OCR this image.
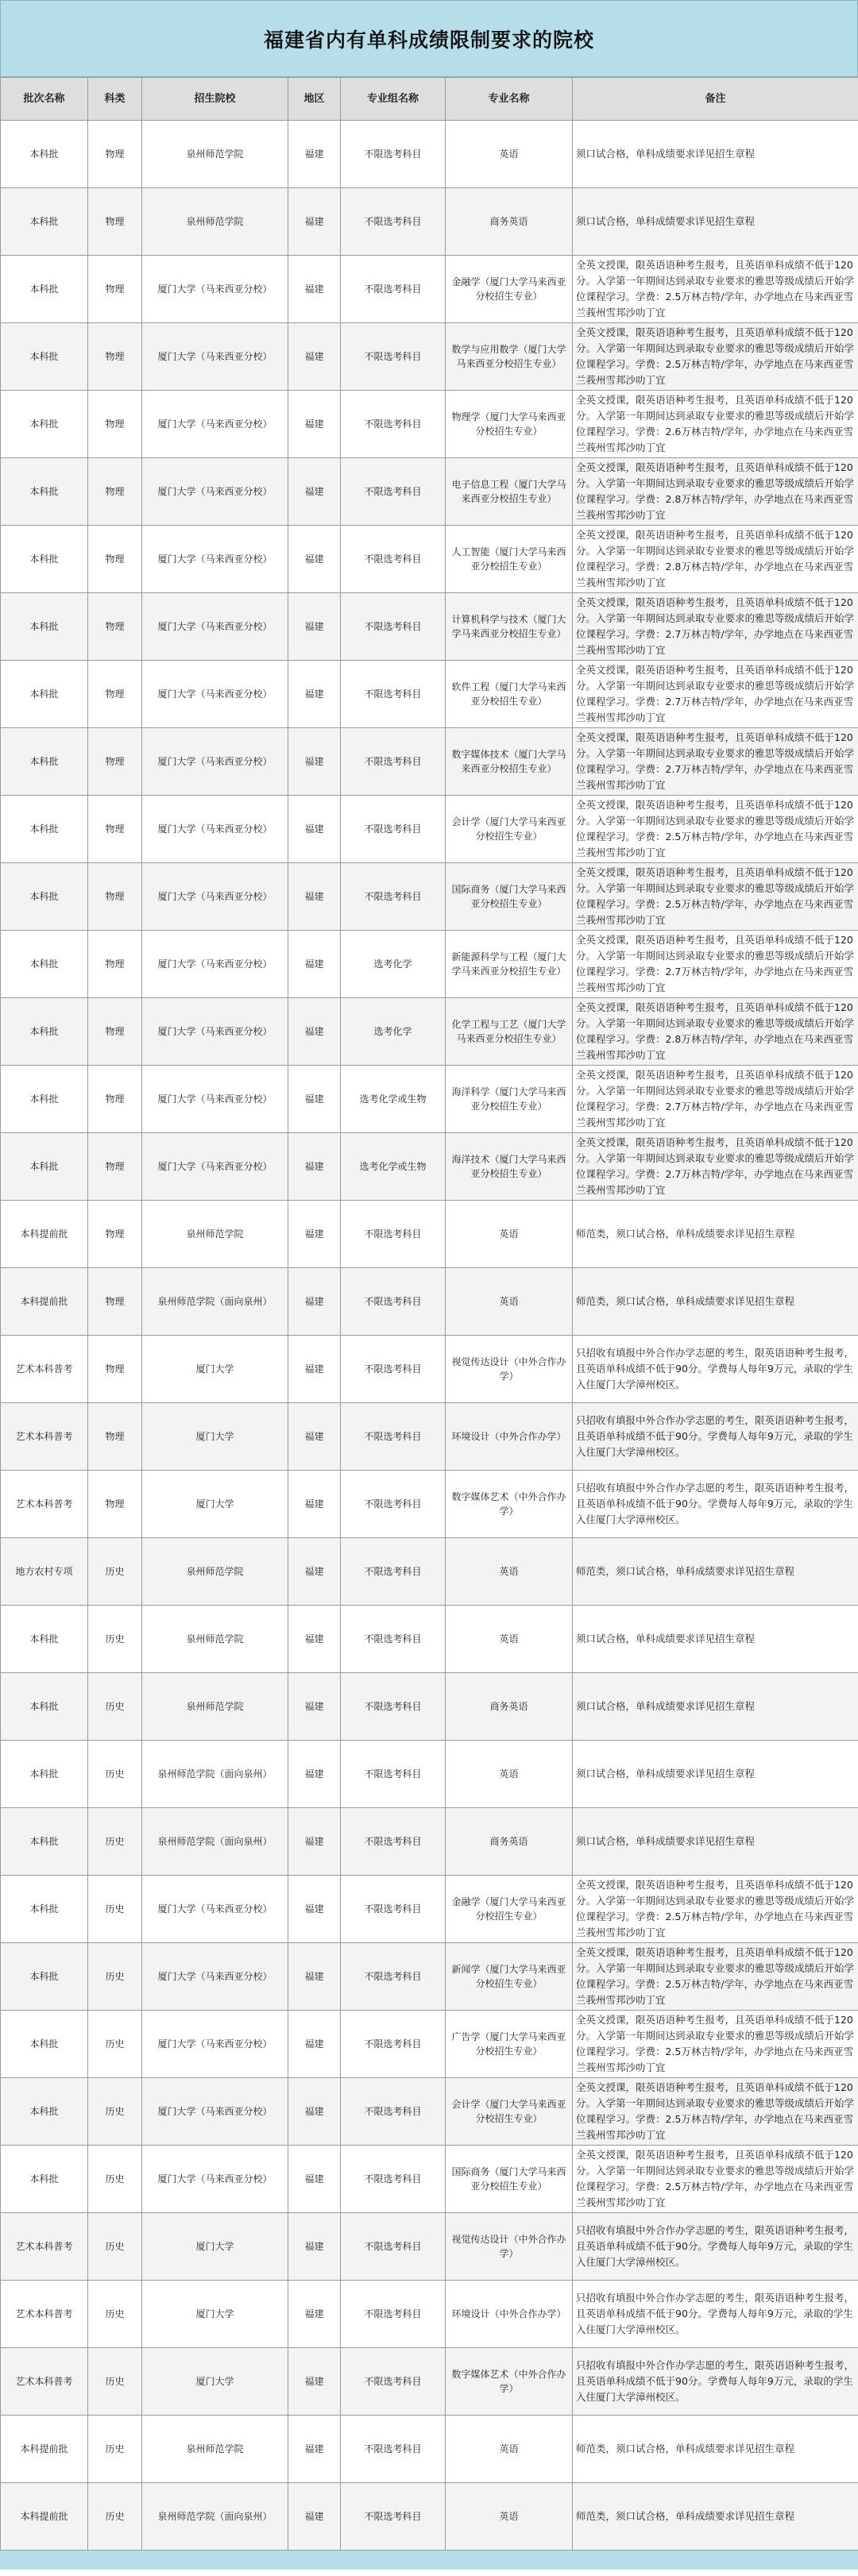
福建省内有单科成绩限制要求的院校
批次名称	科类	招生院校	地区	专业组名称	专业名称	备注
本科批	物理	泉州师范学院	福建	不限选考科目	英语	须口试合格，单科成绩要求详见招生章程
本科批	物理	泉州师范学院	福建	不限选考科目	商务英语	须口试合格，单科成绩要求详见招生章程
本科批	物理	厦门大学（马来西亚分校）	福建	不限选考科目	金融学（厦门大学马来西亚分校招生专业）	全英文授课，限英语语种考生报考，且英语单科成绩不低于120分。入学第一年期间达到录取专业要求的雅思等级成绩后开始学位课程学习。学费：2.5万林吉特/学年，办学地点在马来西亚雪兰莪州雪邦沙叻丁宜
本科批	物理	厦门大学（马来西亚分校）	福建	不限选考科目	数学与应用数学（厦门大学马来西亚分校招生专业）	全英文授课，限英语语种考生报考，且英语单科成绩不低于120分。入学第一年期间达到录取专业要求的雅思等级成绩后开始学位课程学习。学费：2.5万林吉特/学年，办学地点在马来西亚雪兰莪州雪邦沙叻丁宜
本科批	物理	厦门大学（马来西亚分校）	福建	不限选考科目	物理学（厦门大学马来西亚分校招生专业）	全英文授课，限英语语种考生报考，且英语单科成绩不低于120分。入学第一年期间达到录取专业要求的雅思等级成绩后开始学位课程学习。学费：2.6万林吉特/学年，办学地点在马来西亚雪兰莪州雪邦沙叻丁宜
本科批	物理	厦门大学（马来西亚分校）	福建	不限选考科目	电子信息工程（厦门大学马来西亚分校招生专业）	全英文授课，限英语语种考生报考，且英语单科成绩不低于120分。入学第一年期间达到录取专业要求的雅思等级成绩后开始学位课程学习。学费：2.8万林吉特/学年，办学地点在马来西亚雪兰莪州雪邦沙叻丁宜
本科批	物理	厦门大学（马来西亚分校）	福建	不限选考科目	人工智能（厦门大学马来西亚分校招生专业）	全英文授课，限英语语种考生报考，且英语单科成绩不低于120分。入学第一年期间达到录取专业要求的雅思等级成绩后开始学位课程学习。学费：2.8万林吉特/学年，办学地点在马来西亚雪兰莪州雪邦沙叻丁宜
本科批	物理	厦门大学（马来西亚分校）	福建	不限选考科目	计算机科学与技术（厦门大学马来西亚分校招生专业）	全英文授课，限英语语种考生报考，且英语单科成绩不低于120分。入学第一年期间达到录取专业要求的雅思等级成绩后开始学位课程学习。学费：2.7万林吉特/学年，办学地点在马来西亚雪兰莪州雪邦沙叻丁宜
本科批	物理	厦门大学（马来西亚分校）	福建	不限选考科目	软件工程（厦门大学马来西亚分校招生专业）	全英文授课，限英语语种考生报考，且英语单科成绩不低于120分。入学第一年期间达到录取专业要求的雅思等级成绩后开始学位课程学习。学费：2.7万林吉特/学年，办学地点在马来西亚雪兰莪州雪邦沙叻丁宜
本科批	物理	厦门大学（马来西亚分校）	福建	不限选考科目	数字媒体技术（厦门大学马来西亚分校招生专业）	全英文授课，限英语语种考生报考，且英语单科成绩不低于120分。入学第一年期间达到录取专业要求的雅思等级成绩后开始学位课程学习。学费：2.7万林吉特/学年，办学地点在马来西亚雪兰莪州雪邦沙叻丁宜
本科批	物理	厦门大学（马来西亚分校）	福建	不限选考科目	会计学（厦门大学马来西亚分校招生专业）	全英文授课，限英语语种考生报考，且英语单科成绩不低于120分。入学第一年期间达到录取专业要求的雅思等级成绩后开始学位课程学习。学费：2.5万林吉特/学年，办学地点在马来西亚雪兰莪州雪邦沙叻丁宜
本科批	物理	厦门大学（马来西亚分校）	福建	不限选考科目	国际商务（厦门大学马来西亚分校招生专业）	全英文授课，限英语语种考生报考，且英语单科成绩不低于120分。入学第一年期间达到录取专业要求的雅思等级成绩后开始学位课程学习。学费：2.5万林吉特/学年，办学地点在马来西亚雪兰莪州雪邦沙叻丁宜
本科批	物理	厦门大学（马来西亚分校）	福建	选考化学	新能源科学与工程（厦门大学马来西亚分校招生专业）	全英文授课，限英语语种考生报考，且英语单科成绩不低于120分。入学第一年期间达到录取专业要求的雅思等级成绩后开始学位课程学习。学费：2.7万林吉特/学年，办学地点在马来西亚雪兰莪州雪邦沙叻丁宜
本科批	物理	厦门大学（马来西亚分校）	福建	选考化学	化学工程与工艺（厦门大学马来西亚分校招生专业）	全英文授课，限英语语种考生报考，且英语单科成绩不低于120分。入学第一年期间达到录取专业要求的雅思等级成绩后开始学位课程学习。学费：2.8万林吉特/学年，办学地点在马来西亚雪兰莪州雪邦沙叻丁宜
本科批	物理	厦门大学（马来西亚分校）	福建	选考化学或生物	海洋科学（厦门大学马来西亚分校招生专业）	全英文授课，限英语语种考生报考，且英语单科成绩不低于120分。入学第一年期间达到录取专业要求的雅思等级成绩后开始学位课程学习。学费：2.7万林吉特/学年，办学地点在马来西亚雪兰莪州雪邦沙叻丁宜
本科批	物理	厦门大学（马来西亚分校）	福建	选考化学或生物	海洋技术（厦门大学马来西亚分校招生专业）	全英文授课，限英语语种考生报考，且英语单科成绩不低于120分。入学第一年期间达到录取专业要求的雅思等级成绩后开始学位课程学习。学费：2.7万林吉特/学年，办学地点在马来西亚雪兰莪州雪邦沙叻丁宜
本科提前批	物理	泉州师范学院	福建	不限选考科目	英语	师范类，须口试合格，单科成绩要求详见招生章程
本科提前批	物理	泉州师范学院（面向泉州）	福建	不限选考科目	英语	师范类，须口试合格，单科成绩要求详见招生章程
艺术本科普考	物理	厦门大学	福建	不限选考科目	视觉传达设计（中外合作办学）	只招收有填报中外合作办学志愿的考生，限英语语种考生报考，且英语单科成绩不低于90分。学费每人每年9万元，录取的学生入住厦门大学漳州校区。
艺术本科普考	物理	厦门大学	福建	不限选考科目	环境设计（中外合作办学）	只招收有填报中外合作办学志愿的考生，限英语语种考生报考，且英语单科成绩不低于90分。学费每人每年9万元，录取的学生入住厦门大学漳州校区。
艺术本科普考	物理	厦门大学	福建	不限选考科目	数字媒体艺术（中外合作办学）	只招收有填报中外合作办学志愿的考生，限英语语种考生报考，且英语单科成绩不低于90分。学费每人每年9万元，录取的学生入住厦门大学漳州校区。
地方农村专项	历史	泉州师范学院	福建	不限选考科目	英语	师范类，须口试合格，单科成绩要求详见招生章程
本科批	历史	泉州师范学院	福建	不限选考科目	英语	须口试合格，单科成绩要求详见招生章程
本科批	历史	泉州师范学院	福建	不限选考科目	商务英语	须口试合格，单科成绩要求详见招生章程
本科批	历史	泉州师范学院（面向泉州）	福建	不限选考科目	英语	须口试合格，单科成绩要求详见招生章程
本科批	历史	泉州师范学院（面向泉州）	福建	不限选考科目	商务英语	须口试合格，单科成绩要求详见招生章程
本科批	历史	厦门大学（马来西亚分校）	福建	不限选考科目	金融学（厦门大学马来西亚分校招生专业）	全英文授课，限英语语种考生报考，且英语单科成绩不低于120分。入学第一年期间达到录取专业要求的雅思等级成绩后开始学位课程学习。学费：2.5万林吉特/学年，办学地点在马来西亚雪兰莪州雪邦沙叻丁宜
本科批	历史	厦门大学（马来西亚分校）	福建	不限选考科目	新闻学（厦门大学马来西亚分校招生专业）	全英文授课，限英语语种考生报考，且英语单科成绩不低于120分。入学第一年期间达到录取专业要求的雅思等级成绩后开始学位课程学习。学费：2.5万林吉特/学年，办学地点在马来西亚雪兰莪州雪邦沙叻丁宜
本科批	历史	厦门大学（马来西亚分校）	福建	不限选考科目	广告学（厦门大学马来西亚分校招生专业）	全英文授课，限英语语种考生报考，且英语单科成绩不低于120分。入学第一年期间达到录取专业要求的雅思等级成绩后开始学位课程学习。学费：2.5万林吉特/学年，办学地点在马来西亚雪兰莪州雪邦沙叻丁宜
本科批	历史	厦门大学（马来西亚分校）	福建	不限选考科目	会计学（厦门大学马来西亚分校招生专业）	全英文授课，限英语语种考生报考，且英语单科成绩不低于120分。入学第一年期间达到录取专业要求的雅思等级成绩后开始学位课程学习。学费：2.5万林吉特/学年，办学地点在马来西亚雪兰莪州雪邦沙叻丁宜
本科批	历史	厦门大学（马来西亚分校）	福建	不限选考科目	国际商务（厦门大学马来西亚分校招生专业）	全英文授课，限英语语种考生报考，且英语单科成绩不低于120分。入学第一年期间达到录取专业要求的雅思等级成绩后开始学位课程学习。学费：2.5万林吉特/学年，办学地点在马来西亚雪兰莪州雪邦沙叻丁宜
艺术本科普考	历史	厦门大学	福建	不限选考科目	视觉传达设计（中外合作办学）	只招收有填报中外合作办学志愿的考生，限英语语种考生报考，且英语单科成绩不低于90分。学费每人每年9万元，录取的学生入住厦门大学漳州校区。
艺术本科普考	历史	厦门大学	福建	不限选考科目	环境设计（中外合作办学）	只招收有填报中外合作办学志愿的考生，限英语语种考生报考，且英语单科成绩不低于90分。学费每人每年9万元，录取的学生入住厦门大学漳州校区。
艺术本科普考	历史	厦门大学	福建	不限选考科目	数字媒体艺术（中外合作办学）	只招收有填报中外合作办学志愿的考生，限英语语种考生报考，且英语单科成绩不低于90分。学费每人每年9万元，录取的学生入住厦门大学漳州校区。
本科提前批	历史	泉州师范学院	福建	不限选考科目	英语	师范类，须口试合格，单科成绩要求详见招生章程
本科提前批	历史	泉州师范学院（面向泉州）	福建	不限选考科目	英语	师范类，须口试合格，单科成绩要求详见招生章程
